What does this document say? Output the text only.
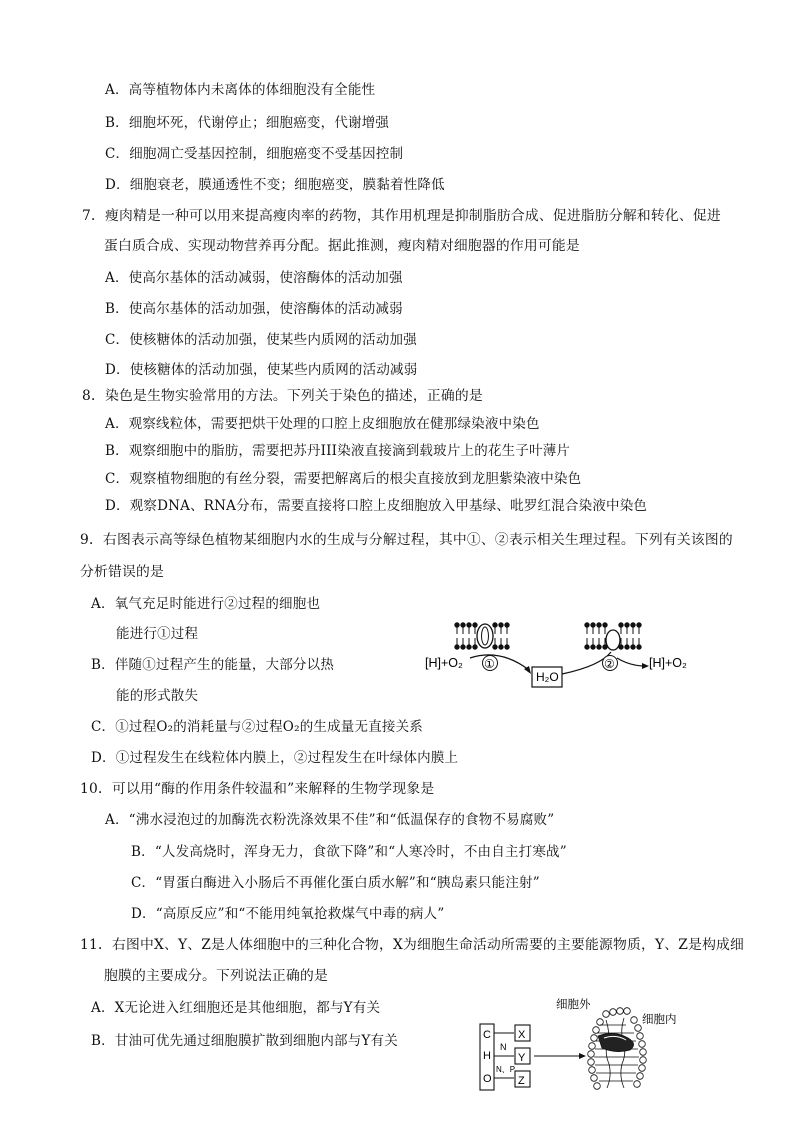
A．高等植物体内未离体的体细胞没有全能性
B．细胞坏死，代谢停止；细胞癌变，代谢增强
C．细胞凋亡受基因控制，细胞癌变不受基因控制
D．细胞衰老，膜通透性不变；细胞癌变，膜黏着性降低
7．瘦肉精是一种可以用来提高瘦肉率的药物，其作用机理是抑制脂肪合成、促进脂肪分解和转化、促进
蛋白质合成、实现动物营养再分配。据此推测，瘦肉精对细胞器的作用可能是
A．使高尔基体的活动减弱，使溶酶体的活动加强
B．使高尔基体的活动加强，使溶酶体的活动减弱
C．使核糖体的活动加强，使某些内质网的活动加强
D．使核糖体的活动加强，使某些内质网的活动减弱
8．染色是生物实验常用的方法。下列关于染色的描述，正确的是
A．观察线粒体，需要把烘干处理的口腔上皮细胞放在健那绿染液中染色
B．观察细胞中的脂肪，需要把苏丹III染液直接滴到载玻片上的花生子叶薄片
C．观察植物细胞的有丝分裂，需要把解离后的根尖直接放到龙胆紫染液中染色
D．观察DNA、RNA分布，需要直接将口腔上皮细胞放入甲基绿、吡罗红混合染液中染色
9．右图表示高等绿色植物某细胞内水的生成与分解过程，其中①、②表示相关生理过程。下列有关该图的
分析错误的是
A．氧气充足时能进行②过程的细胞也
能进行①过程
B．伴随①过程产生的能量，大部分以热
能的形式散失
C．①过程O₂的消耗量与②过程O₂的生成量无直接关系
D．①过程发生在线粒体内膜上，②过程发生在叶绿体内膜上
[H]+O₂ ①
H₂O
②	[H]+O₂
10．可以用“酶的作用条件较温和”来解释的生物学现象是
A．“沸水浸泡过的加酶洗衣粉洗涤效果不佳”和“低温保存的食物不易腐败”
B．“人发高烧时，浑身无力，食欲下降”和“人寒冷时，不由自主打寒战”
C．“胃蛋白酶进入小肠后不再催化蛋白质水解”和“胰岛素只能注射”
D．“高原反应”和“不能用纯氧抢救煤气中毒的病人”
11．右图中X、Y、Z是人体细胞中的三种化合物，X为细胞生命活动所需要的主要能源物质，Y、Z是构成细
胞膜的主要成分。下列说法正确的是
A．X无论进入红细胞还是其他细胞，都与Y有关
B．甘油可优先通过细胞膜扩散到细胞内部与Y有关
细胞外
细胞内
C
H
O
N
N、P
X
Y
Z
